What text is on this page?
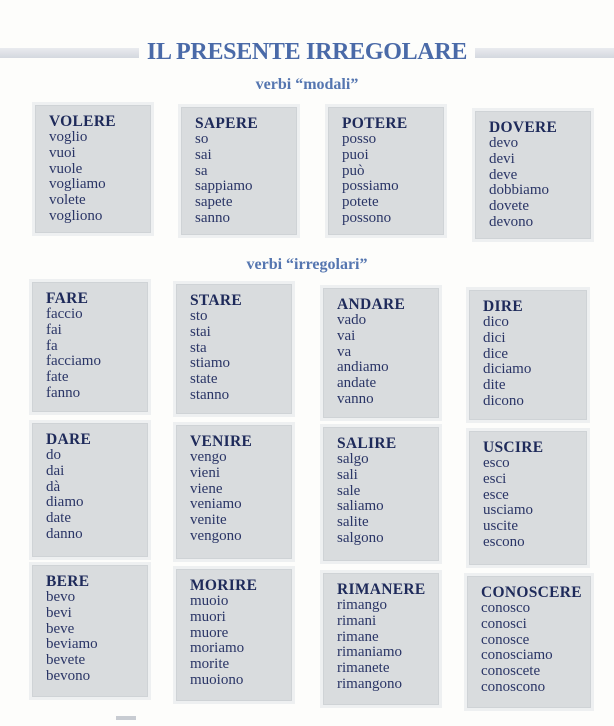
IL PRESENTE IRREGOLARE
verbi “modali”
verbi “irregolari”
VOLERE
voglio
vuoi
vuole
vogliamo
volete
vogliono
SAPERE
so
sai
sa
sappiamo
sapete
sanno
POTERE
posso
puoi
può
possiamo
potete
possono
DOVERE
devo
devi
deve
dobbiamo
dovete
devono
FARE
faccio
fai
fa
facciamo
fate
fanno
STARE
sto
stai
sta
stiamo
state
stanno
ANDARE
vado
vai
va
andiamo
andate
vanno
DIRE
dico
dici
dice
diciamo
dite
dicono
DARE
do
dai
dà
diamo
date
danno
VENIRE
vengo
vieni
viene
veniamo
venite
vengono
SALIRE
salgo
sali
sale
saliamo
salite
salgono
USCIRE
esco
esci
esce
usciamo
uscite
escono
BERE
bevo
bevi
beve
beviamo
bevete
bevono
MORIRE
muoio
muori
muore
moriamo
morite
muoiono
RIMANERE
rimango
rimani
rimane
rimaniamo
rimanete
rimangono
CONOSCERE
conosco
conosci
conosce
conosciamo
conoscete
conoscono
